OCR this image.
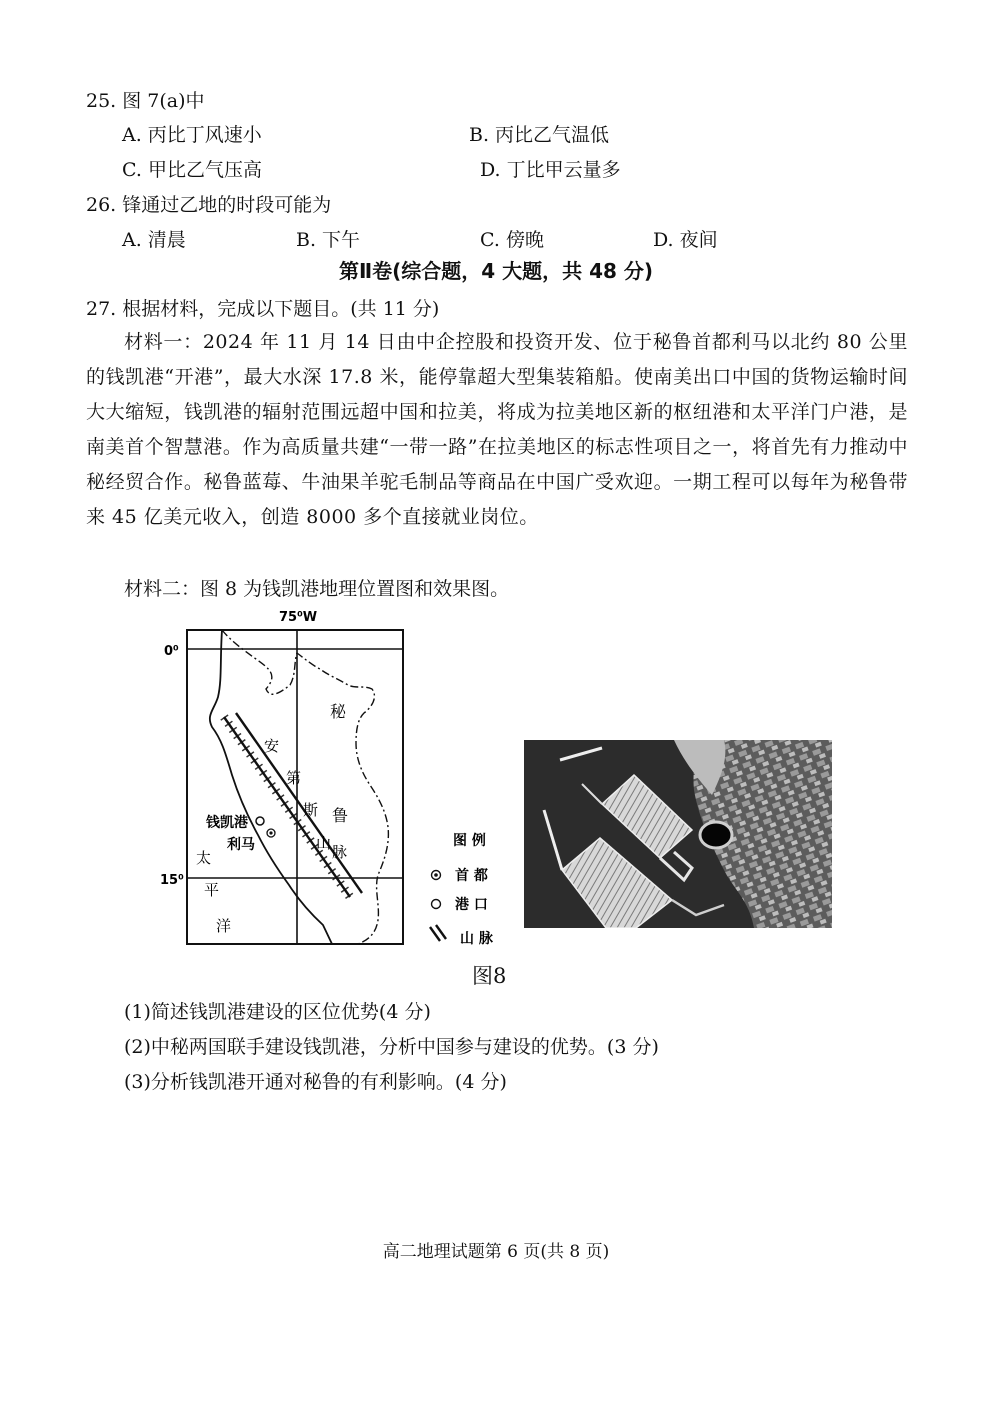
25. 图 7(a)中
A. 丙比丁风速小	B. 丙比乙气温低
C. 甲比乙气压高	D. 丁比甲云量多
26. 锋通过乙地的时段可能为
A. 清晨	B. 下午	C. 傍晚	D. 夜间
第Ⅱ卷(综合题，4 大题，共 48 分)
27. 根据材料，完成以下题目。(共 11 分)
材料一：2024 年 11 月 14 日由中企控股和投资开发、位于秘鲁首都利马以北约 80 公里的钱凯港“开港”，最大水深 17.8 米，能停靠超大型集装箱船。使南美出口中国的货物运输时间大大缩短，钱凯港的辐射范围远超中国和拉美，将成为拉美地区新的枢纽港和太平洋门户港，是南美首个智慧港。作为高质量共建“一带一路”在拉美地区的标志性项目之一，将首先有力推动中秘经贸合作。秘鲁蓝莓、牛油果羊驼毛制品等商品在中国广受欢迎。一期工程可以每年为秘鲁带来 45 亿美元收入，创造 8000 多个直接就业岗位。
材料二：图 8 为钱凯港地理位置图和效果图。
75⁰W
0⁰
15⁰
秘
鲁
安
第
斯
山 脉
钱凯港
利马
太
平
洋
图 例
首 都
港 口
山 脉
图8
(1)简述钱凯港建设的区位优势(4 分)
(2)中秘两国联手建设钱凯港，分析中国参与建设的优势。(3 分)
(3)分析钱凯港开通对秘鲁的有利影响。(4 分)
高二地理试题第 6 页(共 8 页)
